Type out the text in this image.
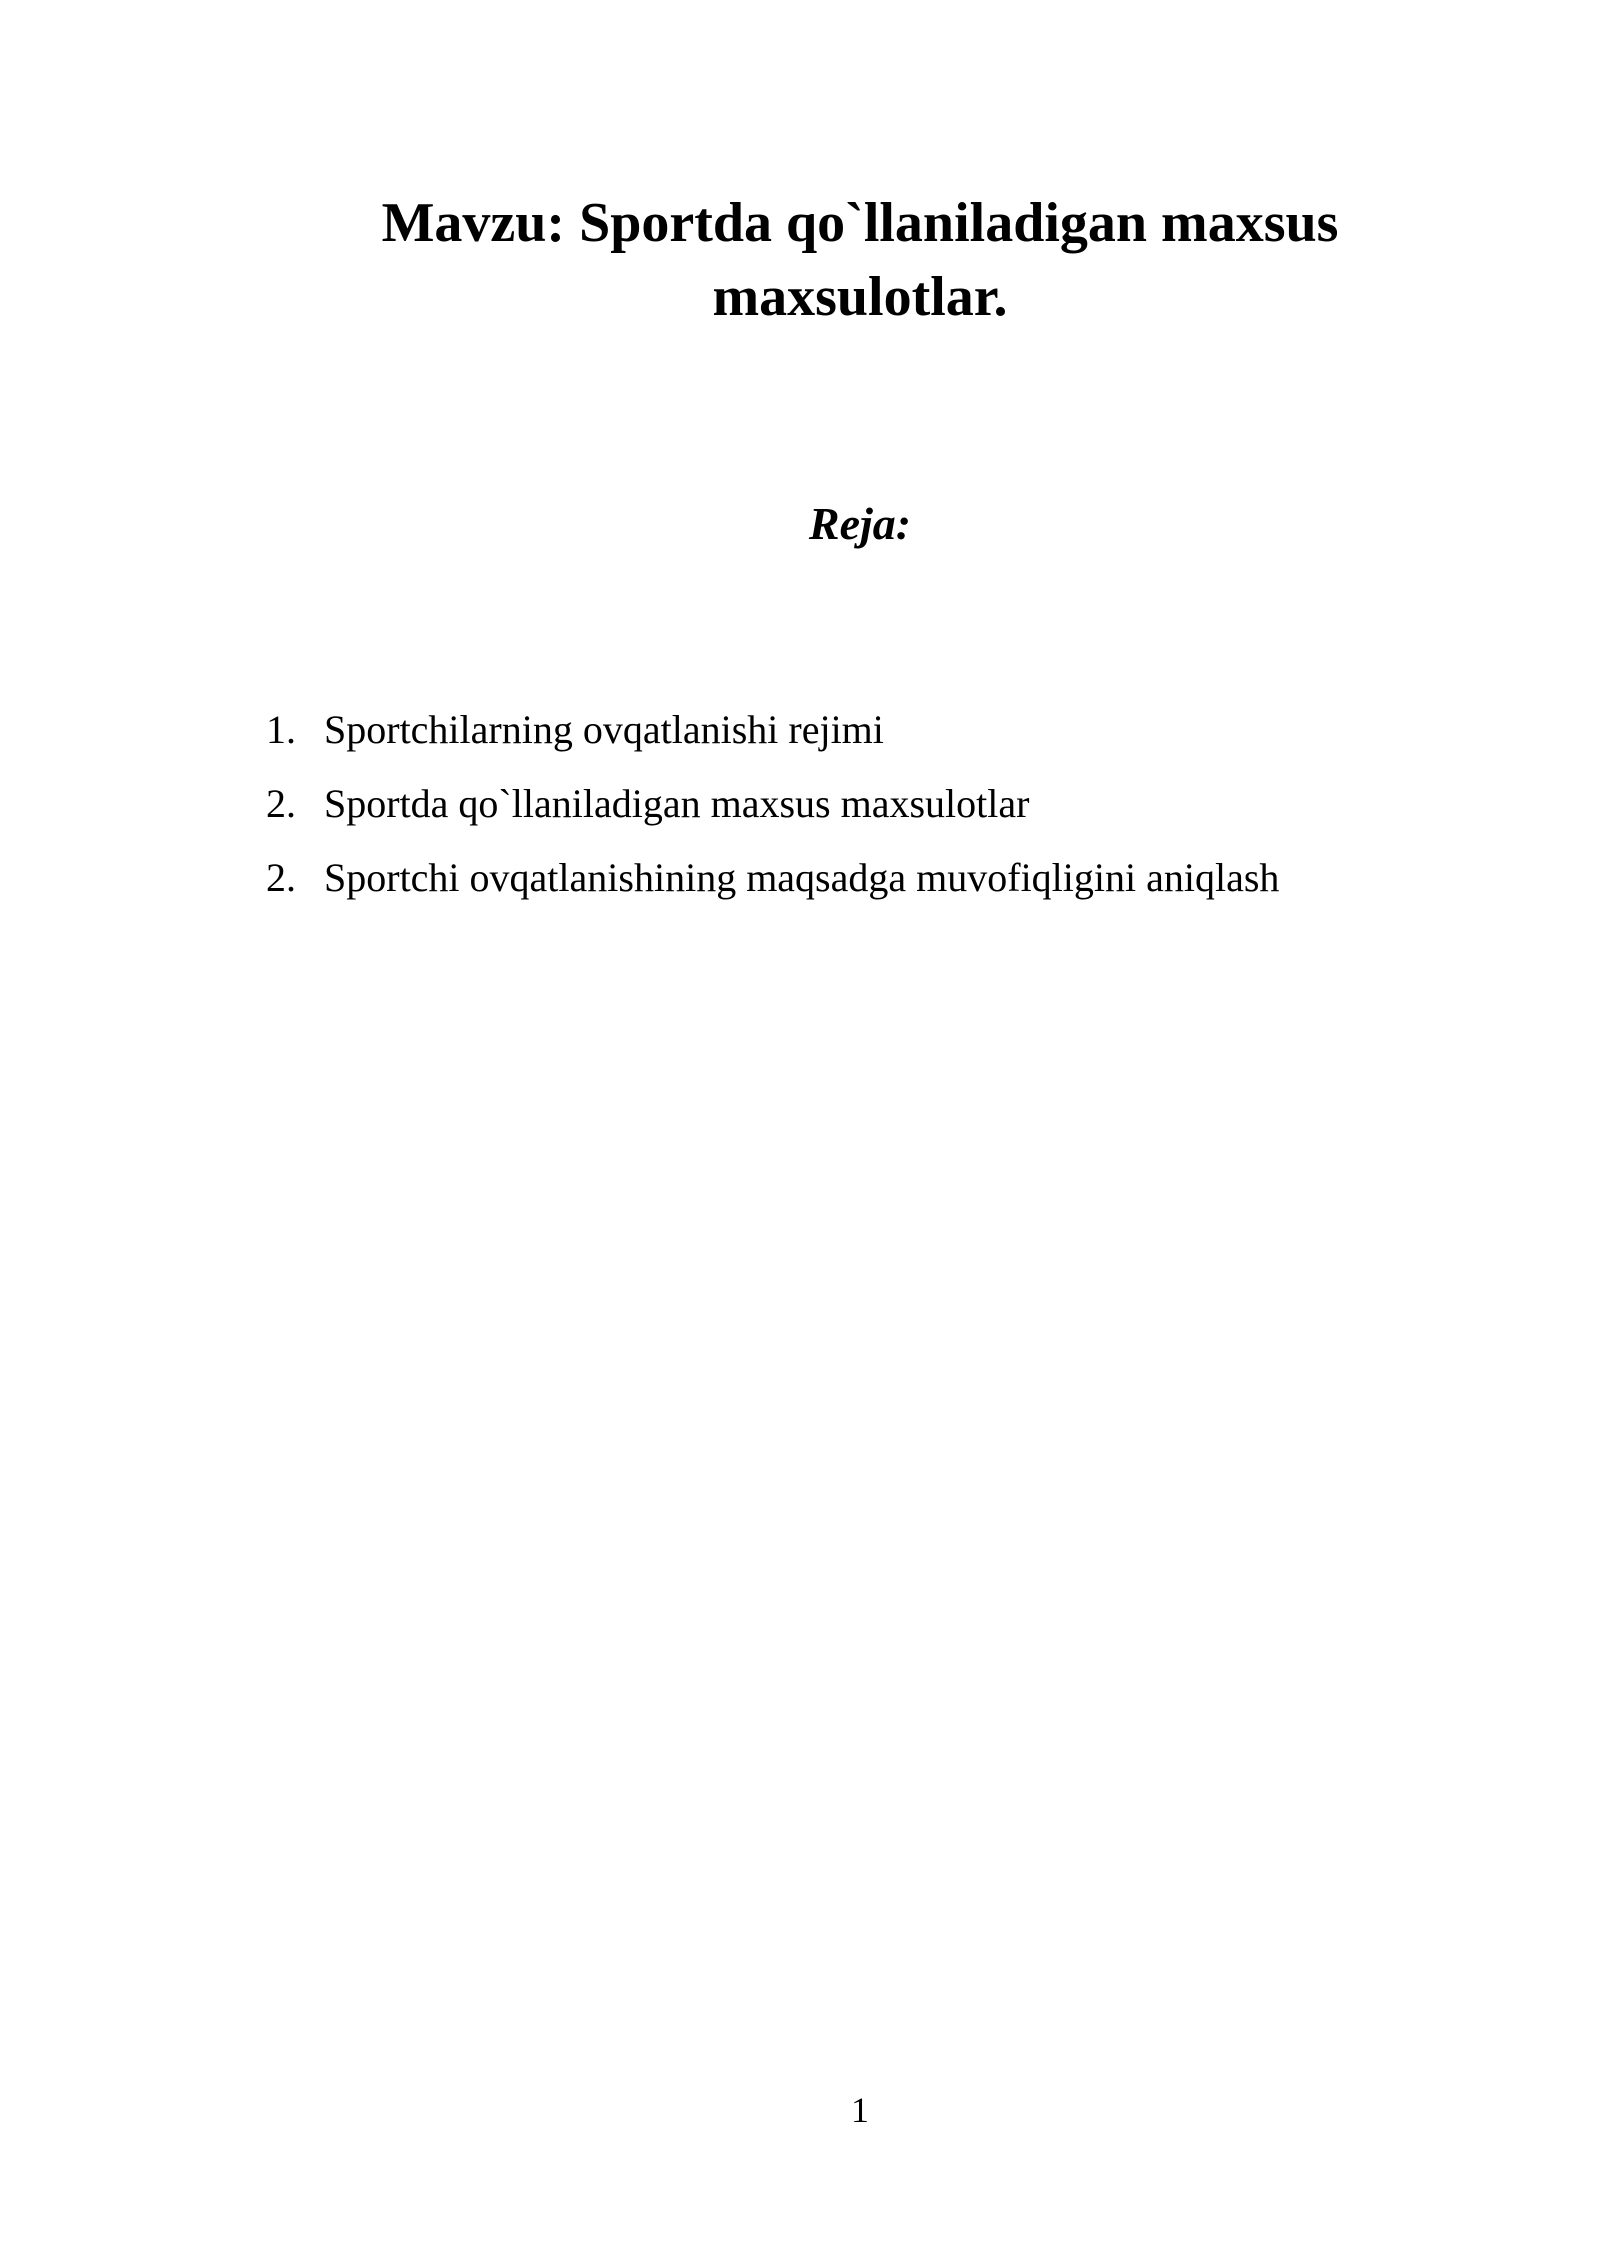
Mavzu: Sportda qo`llaniladigan maxsus maxsulotlar.
Reja:
1. Sportchilarning ovqatlanishi rejimi
2. Sportda qo`llaniladigan maxsus maxsulotlar
2. Sportchi ovqatlanishining maqsadga muvofiqligini aniqlash
1
